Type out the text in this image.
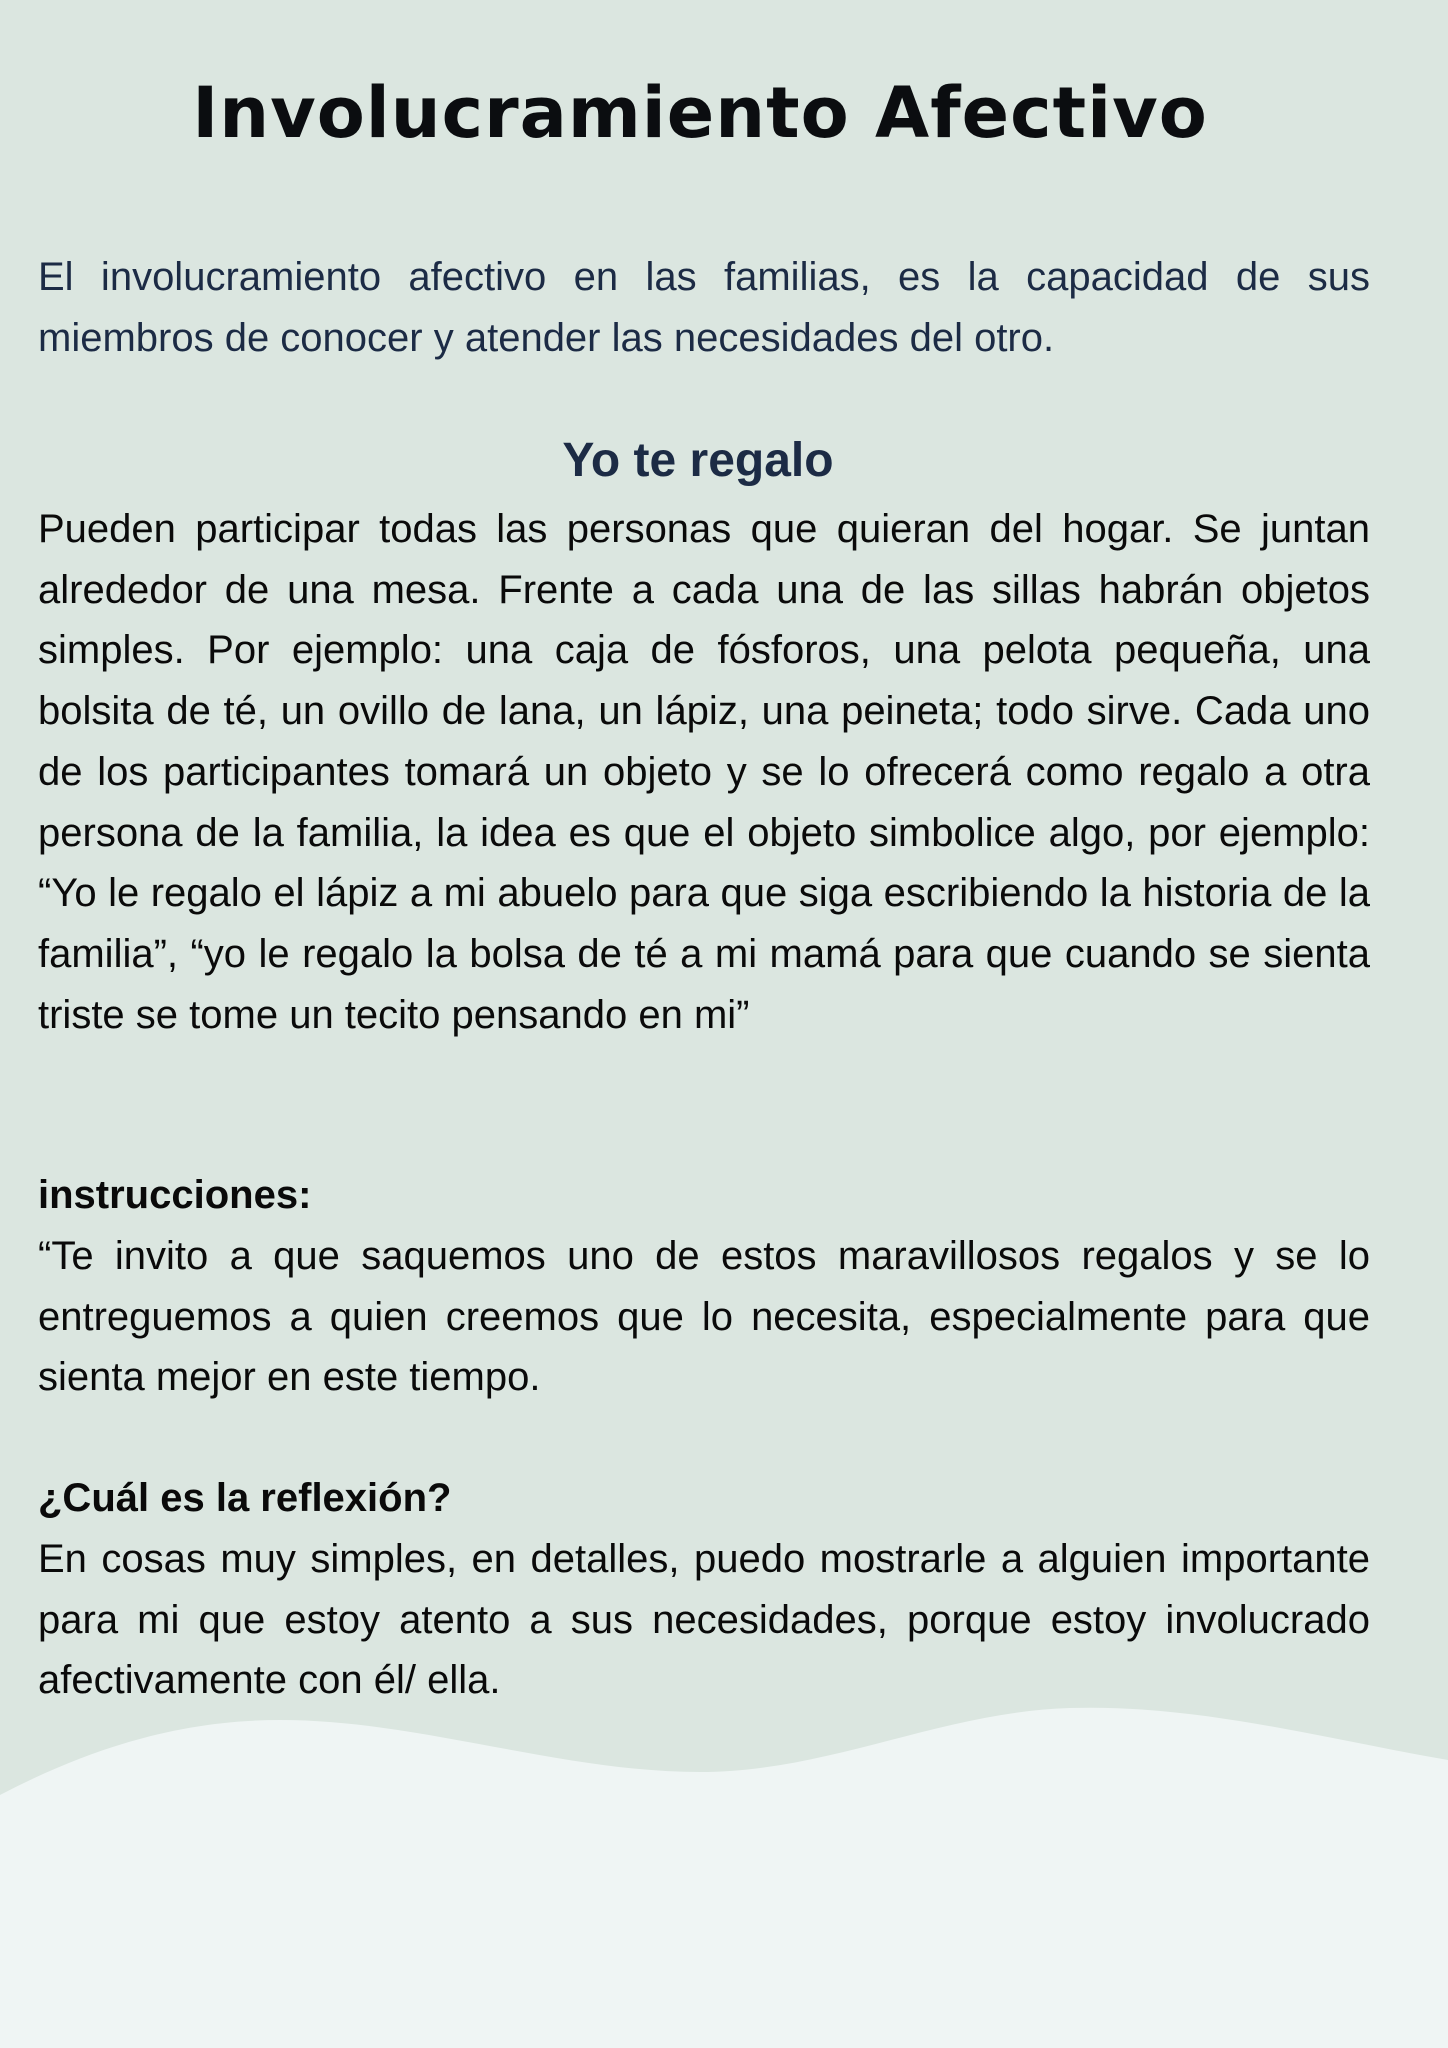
Involucramiento Afectivo

El involucramiento afectivo en las familias, es la capacidad de sus miembros de conocer y atender las necesidades del otro.

Yo te regalo

Pueden participar todas las personas que quieran del hogar. Se juntan alrededor de una mesa. Frente a cada una de las sillas habrán objetos simples. Por ejemplo: una caja de fósforos, una pelota pequeña, una bolsita de té, un ovillo de lana, un lápiz, una peineta; todo sirve. Cada uno de los participantes tomará un objeto y se lo ofrecerá como regalo a otra persona de la familia, la idea es que el objeto simbolice algo, por ejemplo: “Yo le regalo el lápiz a mi abuelo para que siga escribiendo la historia de la familia”, “yo le regalo la bolsa de té a mi mamá para que cuando se sienta triste se tome un tecito pensando en mi”

instrucciones:

“Te invito a que saquemos uno de estos maravillosos regalos y se lo entreguemos a quien creemos que lo necesita, especialmente para que sienta mejor en este tiempo.

¿Cuál es la reflexión?

En cosas muy simples, en detalles, puedo mostrarle a alguien importante para mi que estoy atento a sus necesidades, porque estoy involucrado afectivamente con él/ ella.
